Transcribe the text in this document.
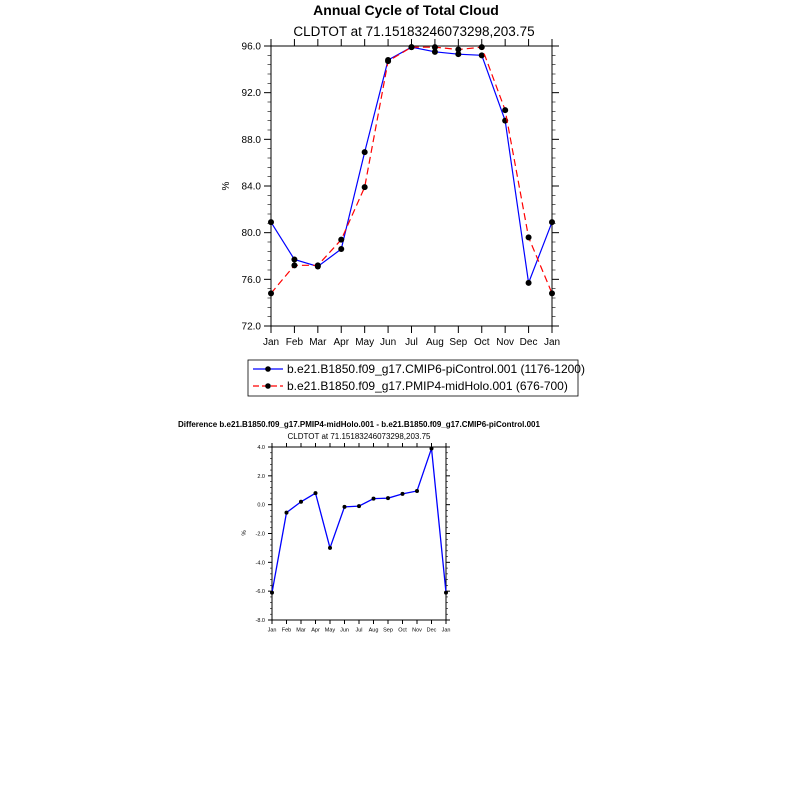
Annual Cycle of Total Cloud
CLDTOT at 71.15183246073298,203.75
%
Jan Feb Mar Apr May Jun Jul Aug Sep Oct Nov Dec Jan
72.0
76.0
80.0
84.0
88.0
92.0
96.0
b.e21.B1850.f09_g17.CMIP6-piControl.001 (1176-1200)
b.e21.B1850.f09_g17.PMIP4-midHolo.001 (676-700)
Difference b.e21.B1850.f09_g17.PMIP4-midHolo.001 - b.e21.B1850.f09_g17.CMIP6-piControl.001
CLDTOT at 71.15183246073298,203.75
%
Jan Feb Mar Apr May Jun Jul Aug Sep Oct Nov Dec Jan
-8.0
-6.0
-4.0
-2.0
0.0
2.0
4.0
